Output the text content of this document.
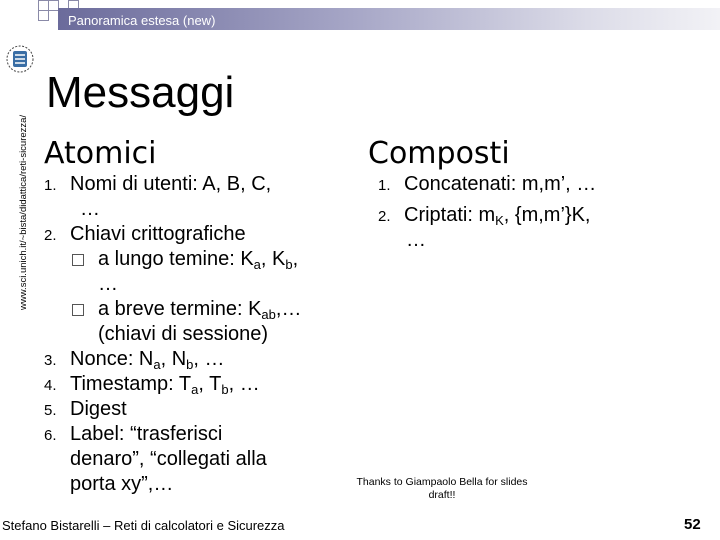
Panoramica estesa (new)
www.sci.unich.it/~bista/didattica/reti-sicurezza/
Messaggi
Atomici
1. Nomi di utenti: A, B, C,
…
2. Chiavi crittografiche
a lungo temine: $K_a$, $K_b$,
…
a breve termine: $K_{ab},\dots$
(chiavi di sessione)
3. Nonce: $N_a$, $N_b$, …
4. Timestamp: $T_a$, $T_b$, …
5. Digest
6. Label: “trasferisci
denaro”, “collegati alla
porta xy”,…
Composti
1. Concatenati: m,m’, …
2. Criptati: $m_K$, {m,m’}K,
…
Stefano Bistarelli – Reti di calcolatori e Sicurezza
Thanks to Giampaolo Bella for slides
draft!!
52
